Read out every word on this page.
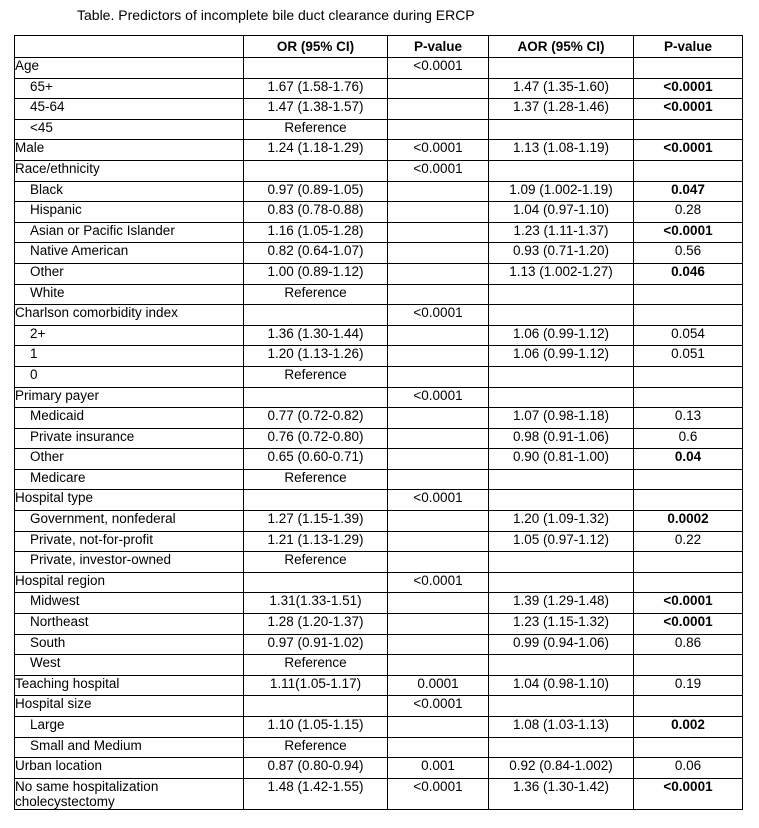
Table. Predictors of incomplete bile duct clearance during ERCP
	OR (95% CI)	P-value	AOR (95% CI)	P-value
Age		<0.0001		
65+	1.67 (1.58-1.76)		1.47 (1.35-1.60)	<0.0001
45-64	1.47 (1.38-1.57)		1.37 (1.28-1.46)	<0.0001
<45	Reference			
Male	1.24 (1.18-1.29)	<0.0001	1.13 (1.08-1.19)	<0.0001
Race/ethnicity		<0.0001		
Black	0.97 (0.89-1.05)		1.09 (1.002-1.19)	0.047
Hispanic	0.83 (0.78-0.88)		1.04 (0.97-1.10)	0.28
Asian or Pacific Islander	1.16 (1.05-1.28)		1.23 (1.11-1.37)	<0.0001
Native American	0.82 (0.64-1.07)		0.93 (0.71-1.20)	0.56
Other	1.00 (0.89-1.12)		1.13 (1.002-1.27)	0.046
White	Reference			
Charlson comorbidity index		<0.0001		
2+	1.36 (1.30-1.44)		1.06 (0.99-1.12)	0.054
1	1.20 (1.13-1.26)		1.06 (0.99-1.12)	0.051
0	Reference			
Primary payer		<0.0001		
Medicaid	0.77 (0.72-0.82)		1.07 (0.98-1.18)	0.13
Private insurance	0.76 (0.72-0.80)		0.98 (0.91-1.06)	0.6
Other	0.65 (0.60-0.71)		0.90 (0.81-1.00)	0.04
Medicare	Reference			
Hospital type		<0.0001		
Government, nonfederal	1.27 (1.15-1.39)		1.20 (1.09-1.32)	0.0002
Private, not-for-profit	1.21 (1.13-1.29)		1.05 (0.97-1.12)	0.22
Private, investor-owned	Reference			
Hospital region		<0.0001		
Midwest	1.31(1.33-1.51)		1.39 (1.29-1.48)	<0.0001
Northeast	1.28 (1.20-1.37)		1.23 (1.15-1.32)	<0.0001
South	0.97 (0.91-1.02)		0.99 (0.94-1.06)	0.86
West	Reference			
Teaching hospital	1.11(1.05-1.17)	0.0001	1.04 (0.98-1.10)	0.19
Hospital size		<0.0001		
Large	1.10 (1.05-1.15)		1.08 (1.03-1.13)	0.002
Small and Medium	Reference			
Urban location	0.87 (0.80-0.94)	0.001	0.92 (0.84-1.002)	0.06
No same hospitalization cholecystectomy	1.48 (1.42-1.55)	<0.0001	1.36 (1.30-1.42)	<0.0001
